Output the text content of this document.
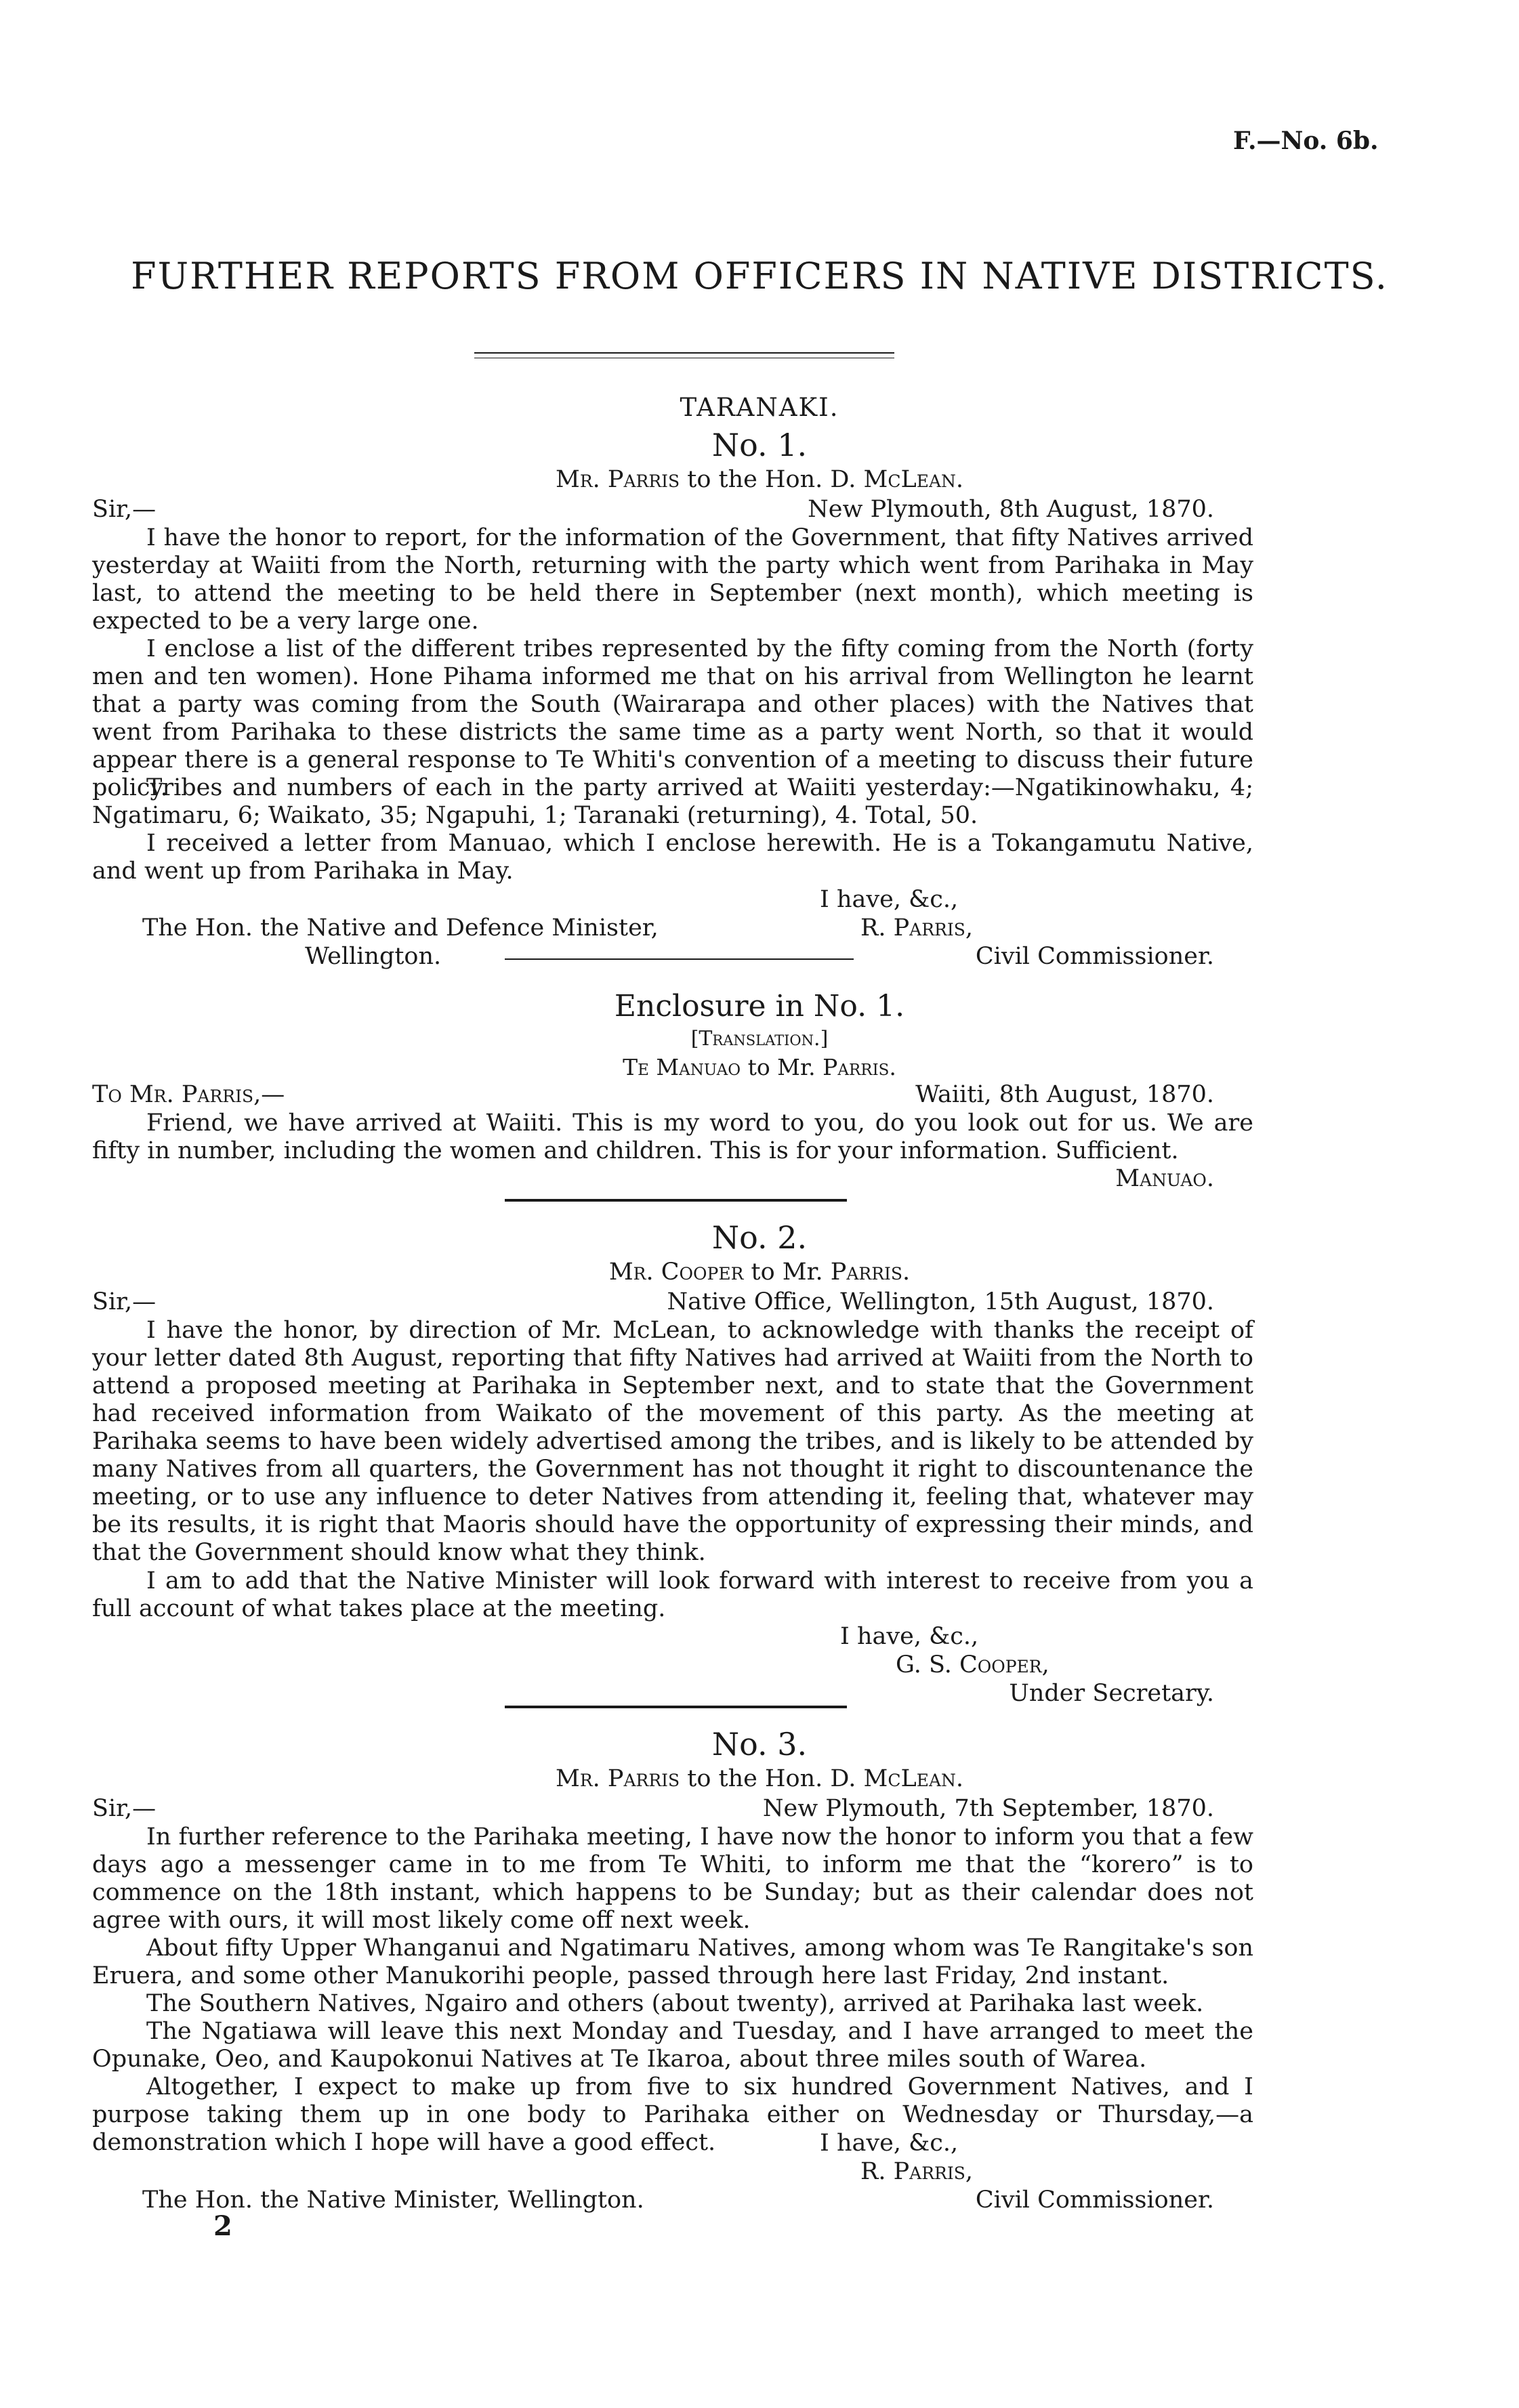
F.—No. 6b.
FURTHER REPORTS FROM OFFICERS IN NATIVE DISTRICTS.
TARANAKI.
No. 1.
Mr. Parris to the Hon. D. McLean.
Sir,—	New Plymouth, 8th August, 1870.

I have the honor to report, for the information of the Government, that fifty Natives arrived yesterday at Waiiti from the North, returning with the party which went from Parihaka in May last, to attend the meeting to be held there in September (next month), which meeting is expected to be a very large one.

I enclose a list of the different tribes represented by the fifty coming from the North (forty men and ten women). Hone Pihama informed me that on his arrival from Wellington he learnt that a party was coming from the South (Wairarapa and other places) with the Natives that went from Parihaka to these districts the same time as a party went North, so that it would appear there is a general response to Te Whiti's convention of a meeting to discuss their future policy.

Tribes and numbers of each in the party arrived at Waiiti yesterday:—Ngatikinowhaku, 4; Ngatimaru, 6; Waikato, 35; Ngapuhi, 1; Taranaki (returning), 4. Total, 50.

I received a letter from Manuao, which I enclose herewith. He is a Tokangamutu Native, and went up from Parihaka in May.

I have, &c.,
The Hon. the Native and Defence Minister,	R. Parris,
Wellington.	Civil Commissioner.
Enclosure in No. 1.
[Translation.]
Te Manuao to Mr. Parris.
To Mr. Parris,—	Waiiti, 8th August, 1870.

Friend, we have arrived at Waiiti. This is my word to you, do you look out for us. We are fifty in number, including the women and children. This is for your information. Sufficient.

Manuao.
No. 2.
Mr. Cooper to Mr. Parris.
Sir,—	Native Office, Wellington, 15th August, 1870.

I have the honor, by direction of Mr. McLean, to acknowledge with thanks the receipt of your letter dated 8th August, reporting that fifty Natives had arrived at Waiiti from the North to attend a proposed meeting at Parihaka in September next, and to state that the Government had received information from Waikato of the movement of this party. As the meeting at Parihaka seems to have been widely advertised among the tribes, and is likely to be attended by many Natives from all quarters, the Government has not thought it right to discountenance the meeting, or to use any influence to deter Natives from attending it, feeling that, whatever may be its results, it is right that Maoris should have the opportunity of expressing their minds, and that the Government should know what they think.

I am to add that the Native Minister will look forward with interest to receive from you a full account of what takes place at the meeting.

I have, &c.,
G. S. Cooper,
Under Secretary.
No. 3.
Mr. Parris to the Hon. D. McLean.
Sir,—	New Plymouth, 7th September, 1870.

In further reference to the Parihaka meeting, I have now the honor to inform you that a few days ago a messenger came in to me from Te Whiti, to inform me that the “korero” is to commence on the 18th instant, which happens to be Sunday; but as their calendar does not agree with ours, it will most likely come off next week.

About fifty Upper Whanganui and Ngatimaru Natives, among whom was Te Rangitake's son Eruera, and some other Manukorihi people, passed through here last Friday, 2nd instant.

The Southern Natives, Ngairo and others (about twenty), arrived at Parihaka last week.

The Ngatiawa will leave this next Monday and Tuesday, and I have arranged to meet the Opunake, Oeo, and Kaupokonui Natives at Te Ikaroa, about three miles south of Warea.

Altogether, I expect to make up from five to six hundred Government Natives, and I purpose taking them up in one body to Parihaka either on Wednesday or Thursday,—a demonstration which I hope will have a good effect.	I have, &c.,
R. Parris,
The Hon. the Native Minister, Wellington.	Civil Commissioner.
2
